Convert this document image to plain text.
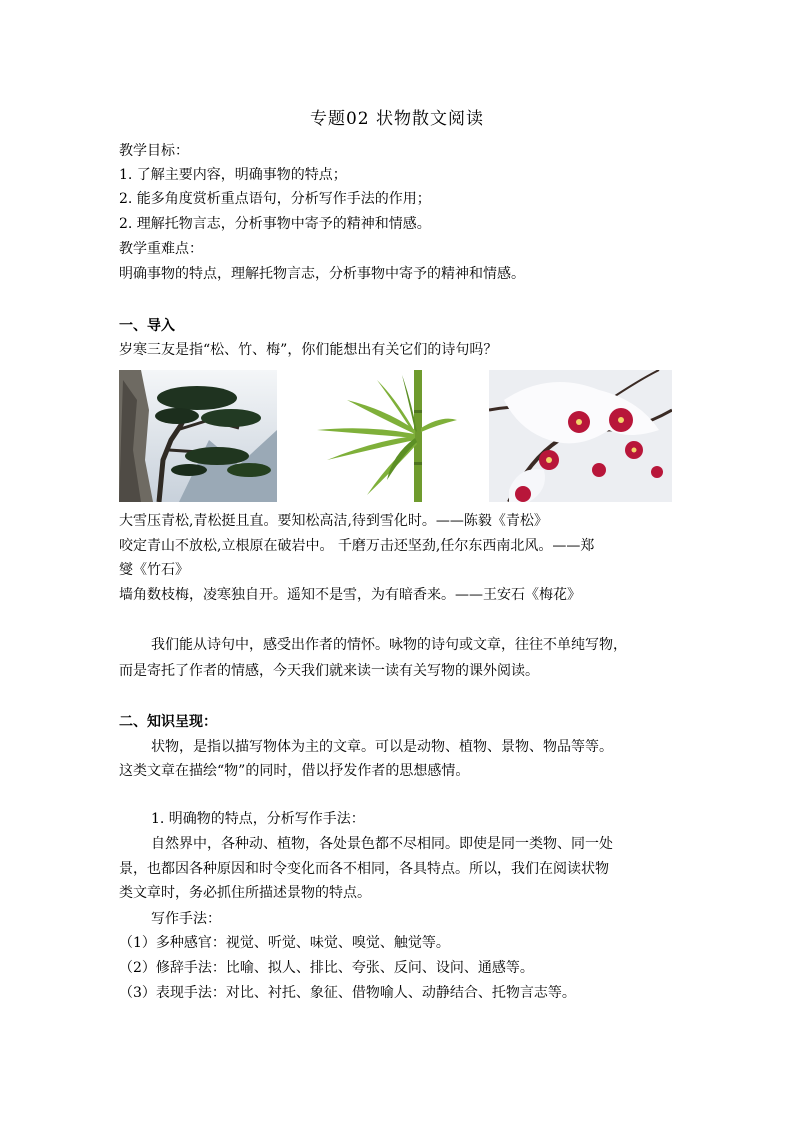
专题02 状物散文阅读
教学目标：
1. 了解主要内容，明确事物的特点；
2. 能多角度赏析重点语句，分析写作手法的作用；
2. 理解托物言志，分析事物中寄予的精神和情感。
教学重难点：
明确事物的特点，理解托物言志，分析事物中寄予的精神和情感。
一、导入
岁寒三友是指“松、竹、梅”，你们能想出有关它们的诗句吗？
大雪压青松,青松挺且直。要知松高洁,待到雪化时。——陈毅《青松》
咬定青山不放松,立根原在破岩中。 千磨万击还坚劲,任尔东西南北风。——郑
燮《竹石》
墙角数枝梅，凌寒独自开。遥知不是雪，为有暗香来。——王安石《梅花》
我们能从诗句中，感受出作者的情怀。咏物的诗句或文章，往往不单纯写物，
而是寄托了作者的情感，今天我们就来读一读有关写物的课外阅读。
二、知识呈现：
状物，是指以描写物体为主的文章。可以是动物、植物、景物、物品等等。
这类文章在描绘“物”的同时，借以抒发作者的思想感情。
1. 明确物的特点，分析写作手法：
自然界中，各种动、植物，各处景色都不尽相同。即使是同一类物、同一处
景，也都因各种原因和时令变化而各不相同，各具特点。所以，我们在阅读状物
类文章时，务必抓住所描述景物的特点。
写作手法：
（1）多种感官：视觉、听觉、味觉、嗅觉、触觉等。
（2）修辞手法：比喻、拟人、排比、夸张、反问、设问、通感等。
（3）表现手法：对比、衬托、象征、借物喻人、动静结合、托物言志等。
